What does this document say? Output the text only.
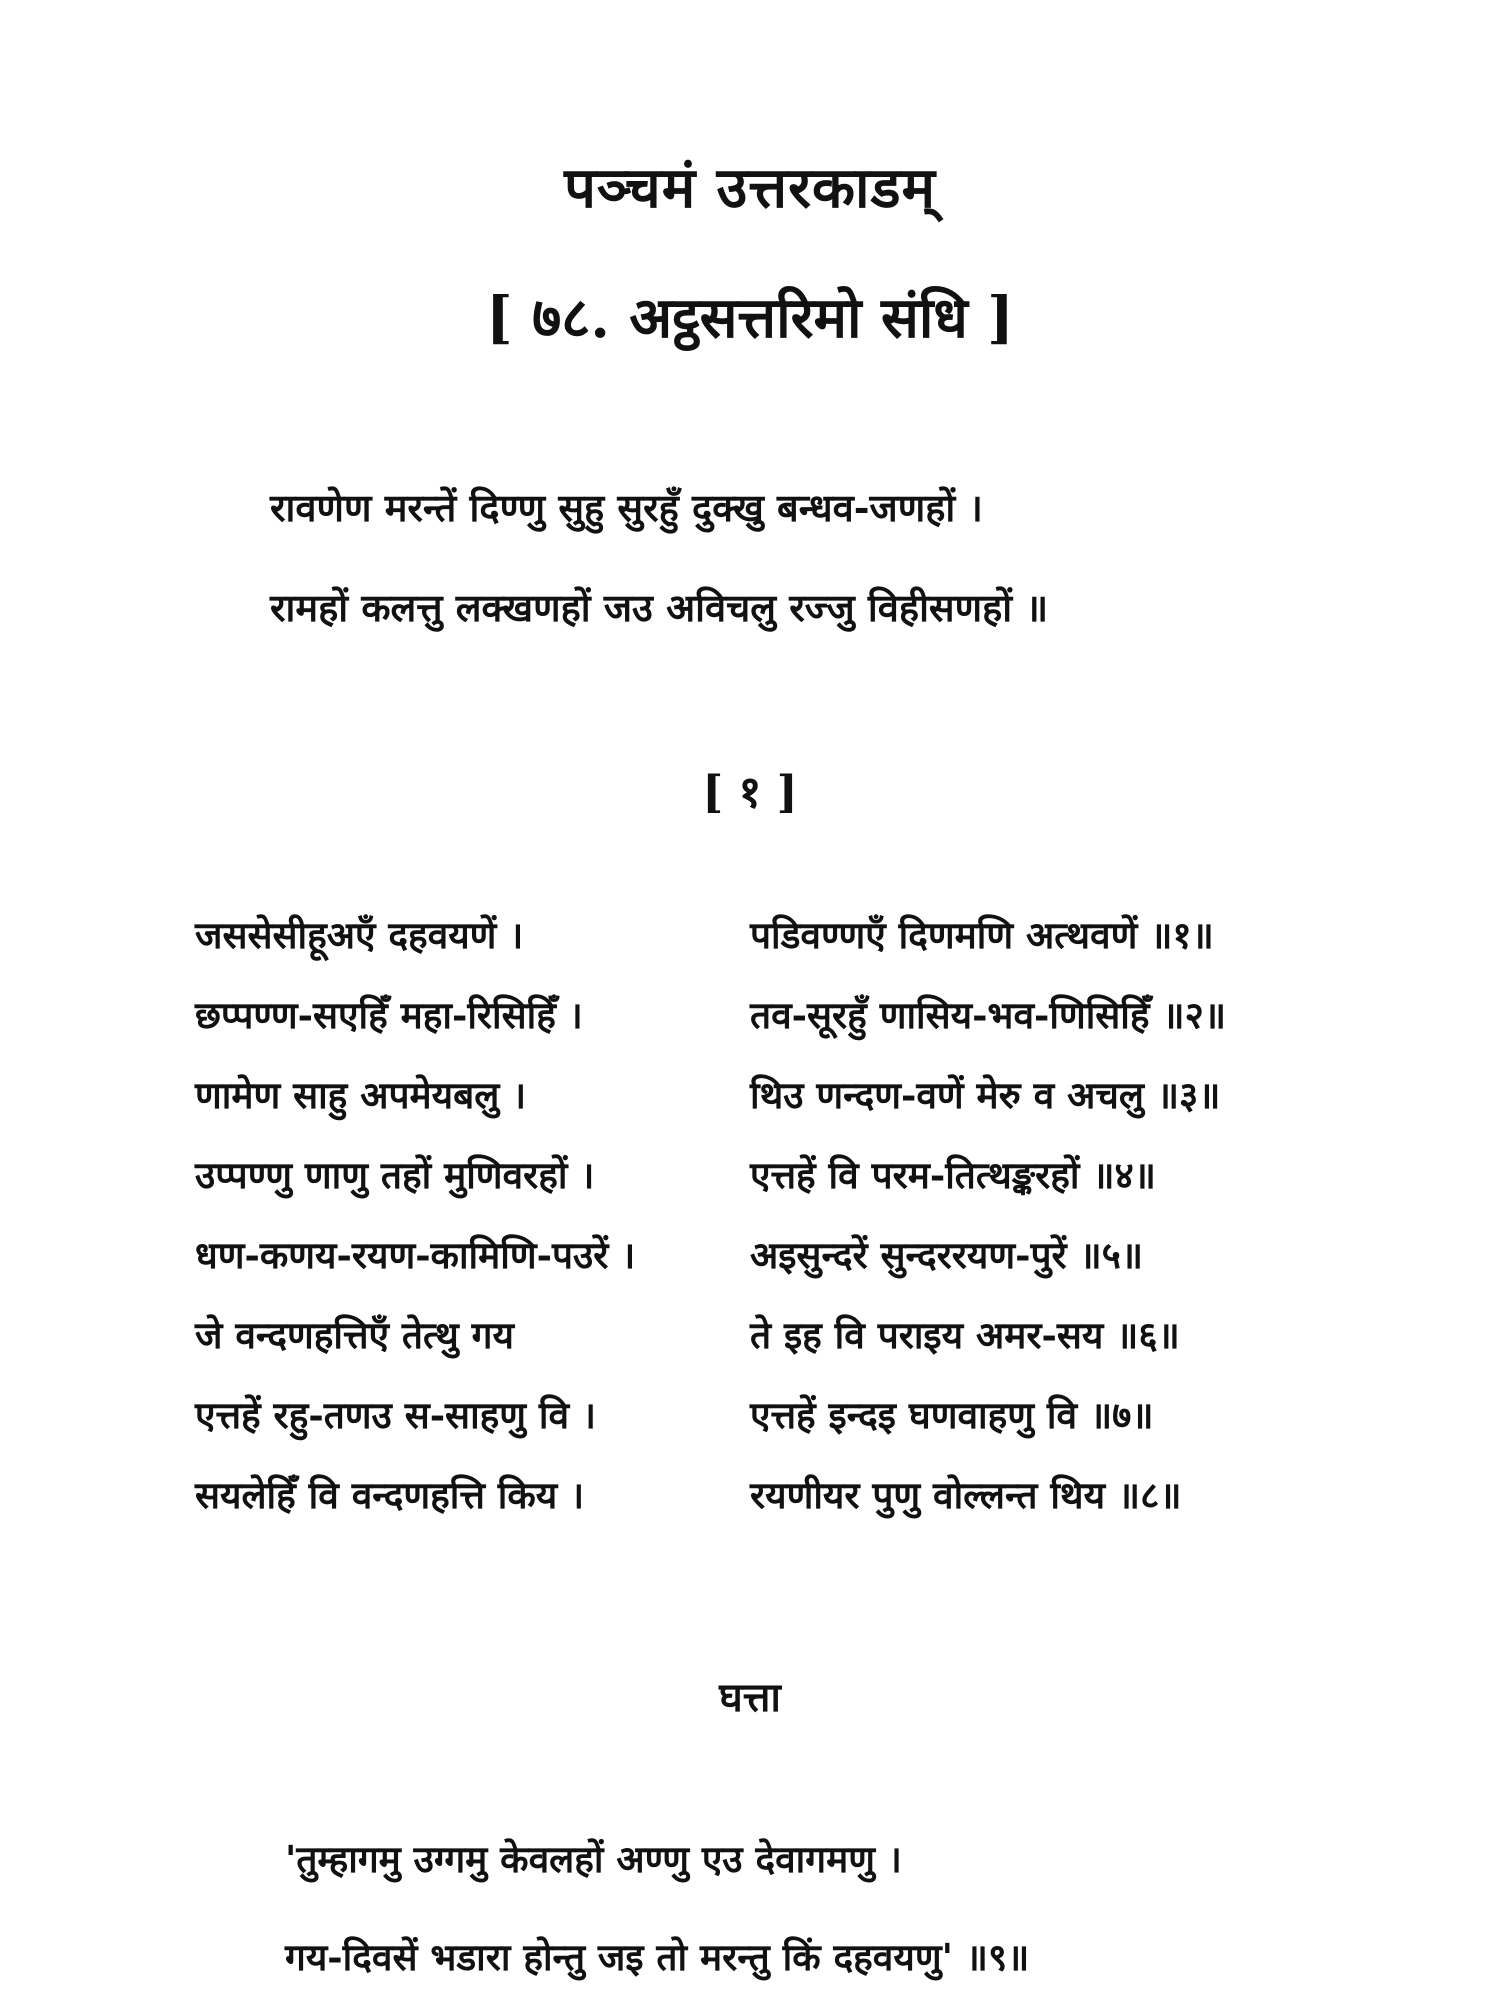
पञ्चमं उत्तरकाडम्
[ ७८. अट्ठसत्तरिमो संधि ]
रावणेण मरन्तें दिण्णु सुहु सुरहुँ दुक्खु बन्धव-जणहों ।
रामहों कलत्तु लक्खणहों जउ अविचलु रज्जु विहीसणहों ॥
[ १ ]
जससेसीहूअएँ दहवयणें ।	पडिवण्णएँ दिणमणि अत्थवणें ॥१॥
छप्पण्ण-सएहिँ महा-रिसिहिँ ।	तव-सूरहुँ णासिय-भव-णिसिहिँ ॥२॥
णामेण साहु अपमेयबलु ।	थिउ णन्दण-वणें मेरु व अचलु ॥३॥
उप्पण्णु णाणु तहों मुणिवरहों ।	एत्तहें वि परम-तित्थङ्करहों ॥४॥
धण-कणय-रयण-कामिणि-पउरें ।	अइसुन्दरें सुन्दररयण-पुरें ॥५॥
जे वन्दणहत्तिएँ तेत्थु गय	ते इह वि पराइय अमर-सय ॥६॥
एत्तहें रहु-तणउ स-साहणु वि ।	एत्तहें इन्दइ घणवाहणु वि ॥७॥
सयलेहिँ वि वन्दणहत्ति किय ।	रयणीयर पुणु वोल्लन्त थिय ॥८॥
घत्ता
'तुम्हागमु उग्गमु केवलहों अण्णु एउ देवागमणु ।
गय-दिवसें भडारा होन्तु जइ तो मरन्तु किं दहवयणु' ॥९॥
